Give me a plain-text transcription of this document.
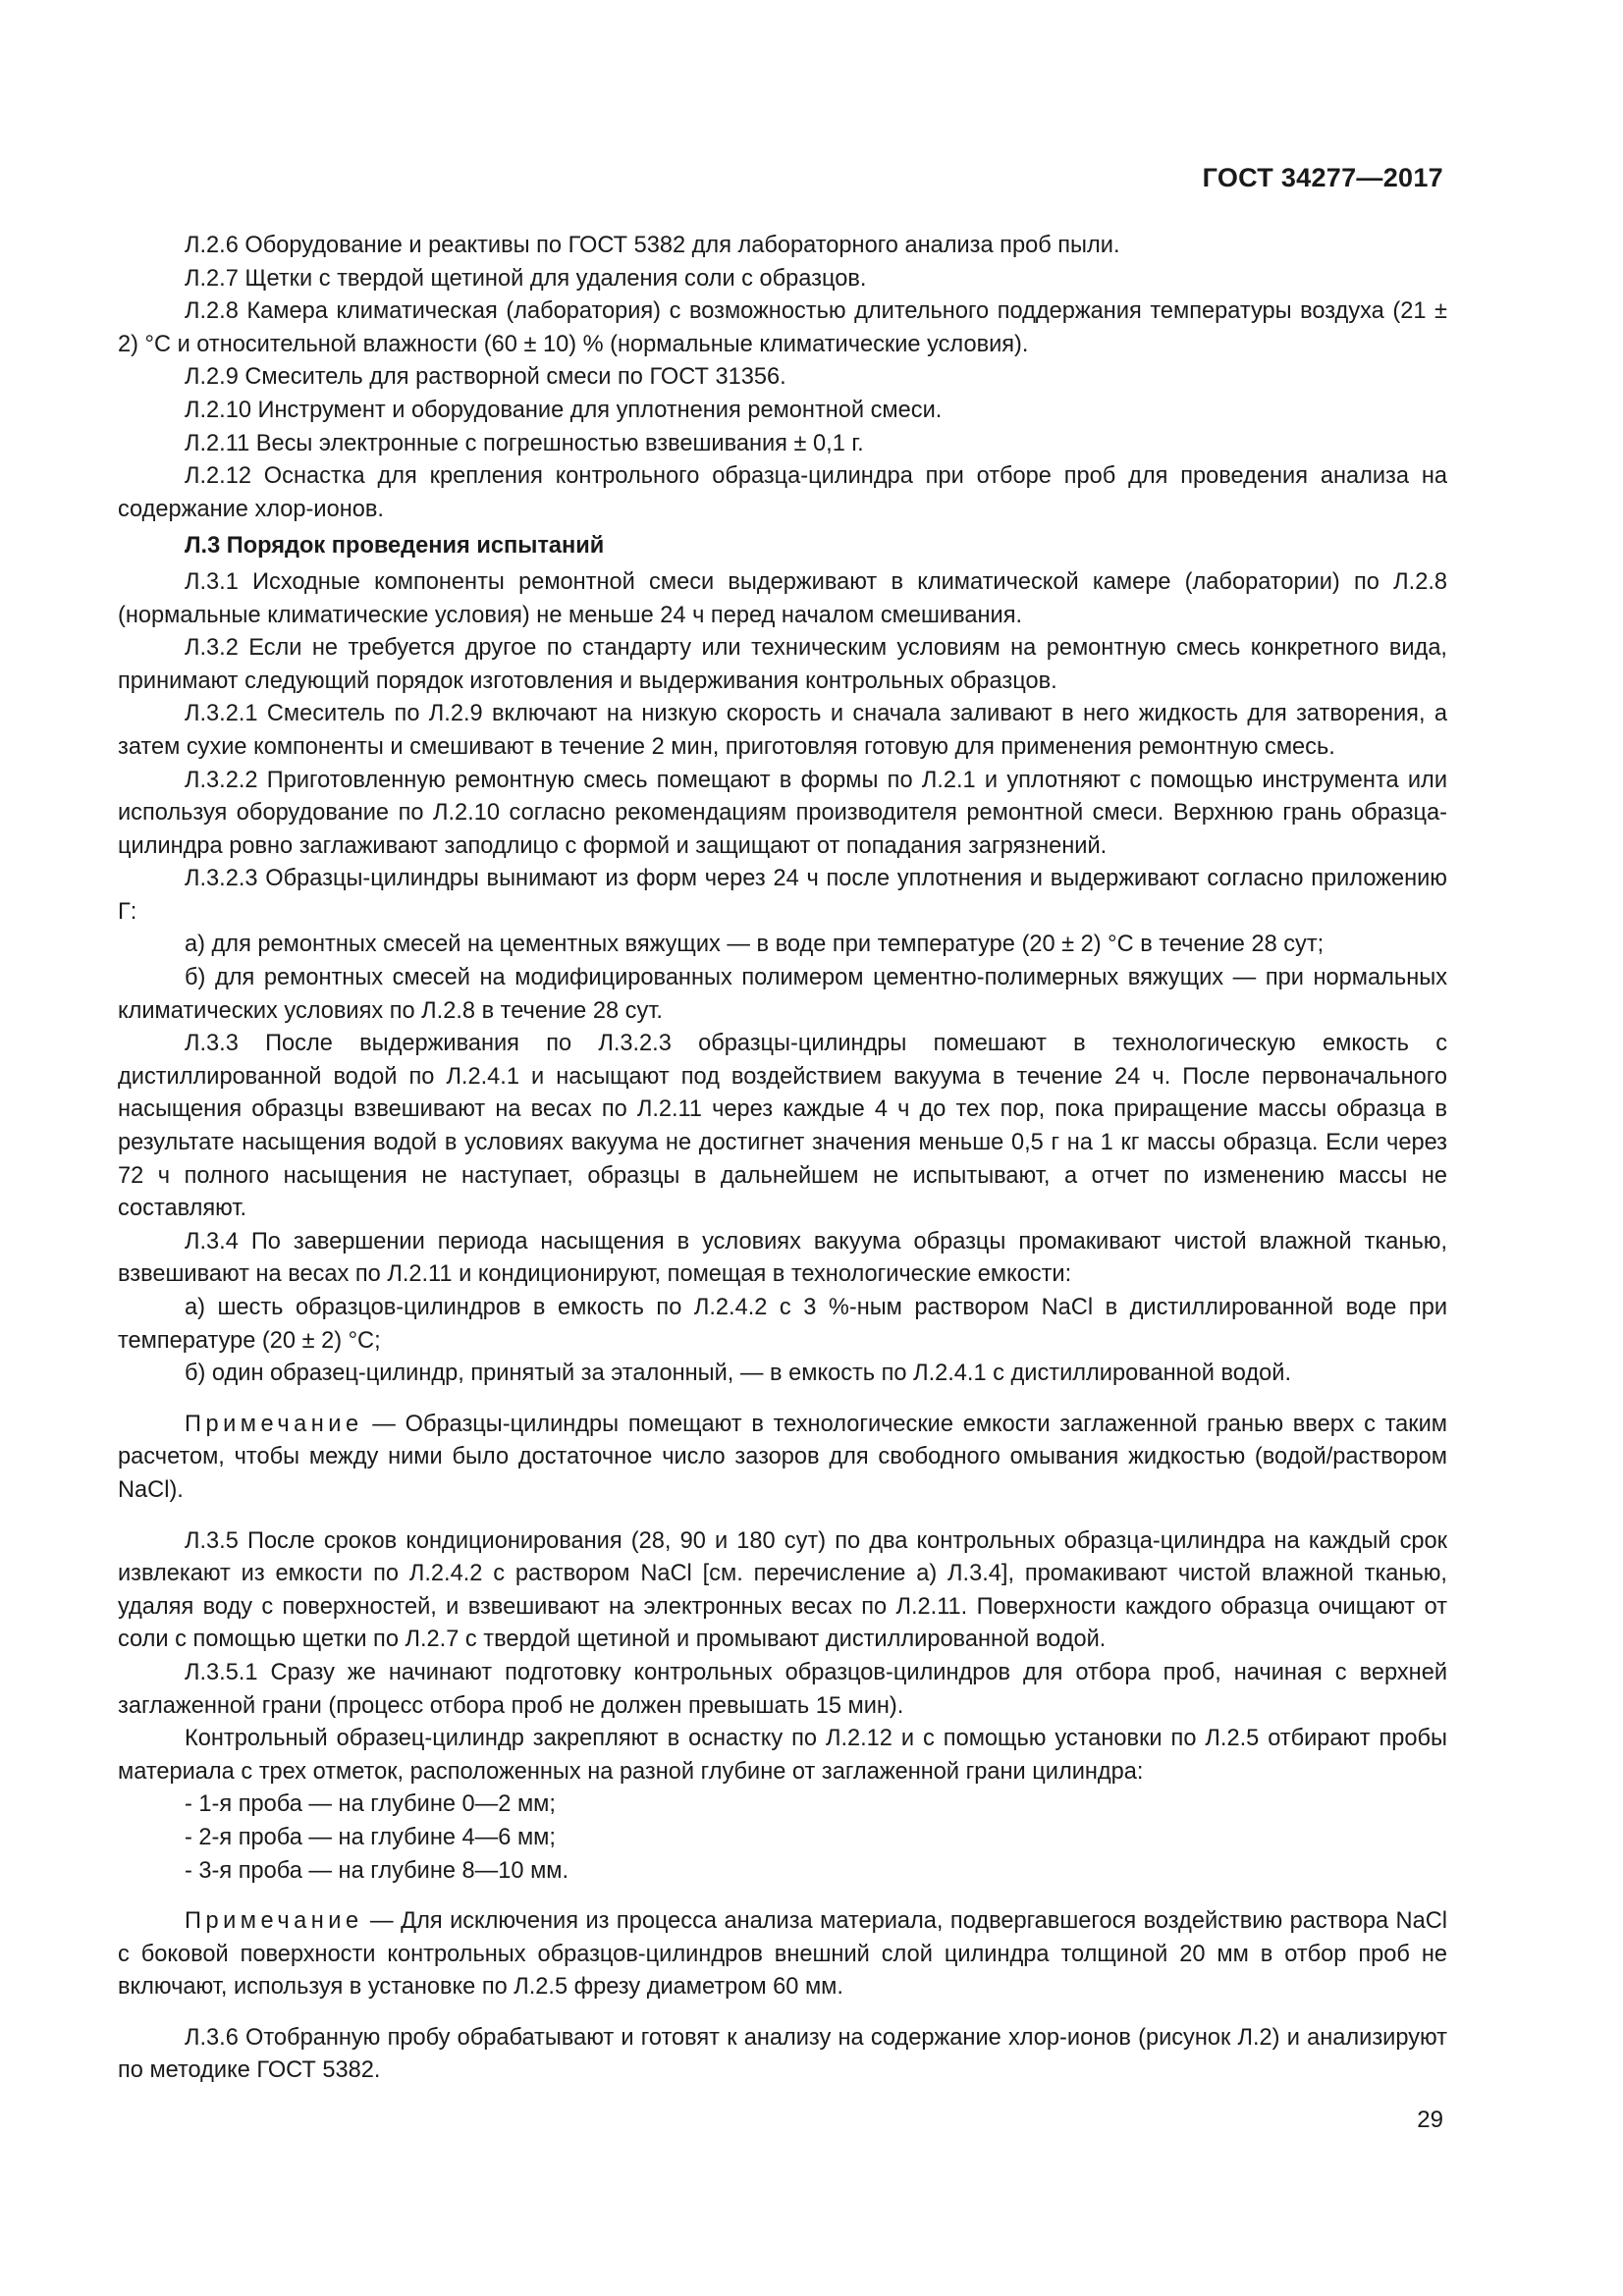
ГОСТ 34277—2017

Л.2.6 Оборудование и реактивы по ГОСТ 5382 для лабораторного анализа проб пыли.

Л.2.7 Щетки с твердой щетиной для удаления соли с образцов.

Л.2.8 Камера климатическая (лаборатория) с возможностью длительного поддержания температуры воздуха (21 ± 2) °С и относительной влажности (60 ± 10) % (нормальные климатические условия).

Л.2.9 Смеситель для растворной смеси по ГОСТ 31356.

Л.2.10 Инструмент и оборудование для уплотнения ремонтной смеси.

Л.2.11 Весы электронные с погрешностью взвешивания ± 0,1 г.

Л.2.12 Оснастка для крепления контрольного образца-цилиндра при отборе проб для проведения анализа на содержание хлор-ионов.

Л.3 Порядок проведения испытаний

Л.3.1 Исходные компоненты ремонтной смеси выдерживают в климатической камере (лаборатории) по Л.2.8 (нормальные климатические условия) не меньше 24 ч перед началом смешивания.

Л.3.2 Если не требуется другое по стандарту или техническим условиям на ремонтную смесь конкретного вида, принимают следующий порядок изготовления и выдерживания контрольных образцов.

Л.3.2.1 Смеситель по Л.2.9 включают на низкую скорость и сначала заливают в него жидкость для затворения, а затем сухие компоненты и смешивают в течение 2 мин, приготовляя готовую для применения ремонтную смесь.

Л.3.2.2 Приготовленную ремонтную смесь помещают в формы по Л.2.1 и уплотняют с помощью инструмента или используя оборудование по Л.2.10 согласно рекомендациям производителя ремонтной смеси. Верхнюю грань образца-цилиндра ровно заглаживают заподлицо с формой и защищают от попадания загрязнений.

Л.3.2.3 Образцы-цилиндры вынимают из форм через 24 ч после уплотнения и выдерживают согласно приложению Г:

а) для ремонтных смесей на цементных вяжущих — в воде при температуре (20 ± 2) °С в течение 28 сут;

б) для ремонтных смесей на модифицированных полимером цементно-полимерных вяжущих — при нормальных климатических условиях по Л.2.8 в течение 28 сут.

Л.3.3 После выдерживания по Л.3.2.3 образцы-цилиндры помешают в технологическую емкость с дистиллированной водой по Л.2.4.1 и насыщают под воздействием вакуума в течение 24 ч. После первоначального насыщения образцы взвешивают на весах по Л.2.11 через каждые 4 ч до тех пор, пока приращение массы образца в результате насыщения водой в условиях вакуума не достигнет значения меньше 0,5 г на 1 кг массы образца. Если через 72 ч полного насыщения не наступает, образцы в дальнейшем не испытывают, а отчет по изменению массы не составляют.

Л.3.4 По завершении периода насыщения в условиях вакуума образцы промакивают чистой влажной тканью, взвешивают на весах по Л.2.11 и кондиционируют, помещая в технологические емкости:

а) шесть образцов-цилиндров в емкость по Л.2.4.2 с 3 %-ным раствором NaCl в дистиллированной воде при температуре (20 ± 2) °С;

б) один образец-цилиндр, принятый за эталонный, — в емкость по Л.2.4.1 с дистиллированной водой.

Примечание — Образцы-цилиндры помещают в технологические емкости заглаженной гранью вверх с таким расчетом, чтобы между ними было достаточное число зазоров для свободного омывания жидкостью (водой/раствором NaCl).

Л.3.5 После сроков кондиционирования (28, 90 и 180 сут) по два контрольных образца-цилиндра на каждый срок извлекают из емкости по Л.2.4.2 с раствором NaCl [см. перечисление а) Л.3.4], промакивают чистой влажной тканью, удаляя воду с поверхностей, и взвешивают на электронных весах по Л.2.11. Поверхности каждого образца очищают от соли с помощью щетки по Л.2.7 с твердой щетиной и промывают дистиллированной водой.

Л.3.5.1 Сразу же начинают подготовку контрольных образцов-цилиндров для отбора проб, начиная с верхней заглаженной грани (процесс отбора проб не должен превышать 15 мин).

Контрольный образец-цилиндр закрепляют в оснастку по Л.2.12 и с помощью установки по Л.2.5 отбирают пробы материала с трех отметок, расположенных на разной глубине от заглаженной грани цилиндра:

- 1-я проба — на глубине 0—2 мм;

- 2-я проба — на глубине 4—6 мм;

- 3-я проба — на глубине 8—10 мм.

Примечание — Для исключения из процесса анализа материала, подвергавшегося воздействию раствора NaCl с боковой поверхности контрольных образцов-цилиндров внешний слой цилиндра толщиной 20 мм в отбор проб не включают, используя в установке по Л.2.5 фрезу диаметром 60 мм.

Л.3.6 Отобранную пробу обрабатывают и готовят к анализу на содержание хлор-ионов (рисунок Л.2) и анализируют по методике ГОСТ 5382.

29
